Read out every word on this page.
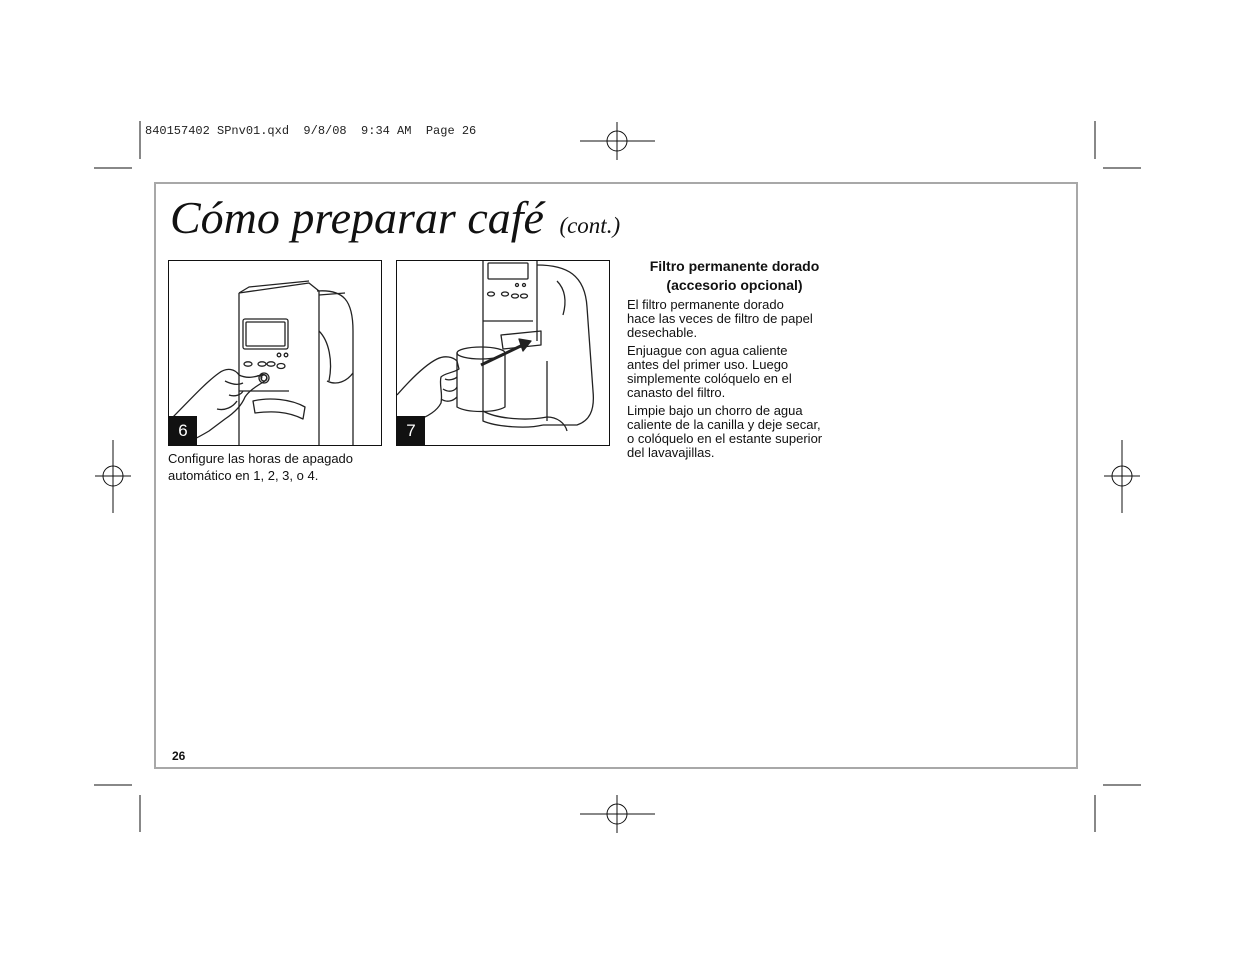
840157402 SPnv01.qxd  9/8/08  9:34 AM  Page 26
Cómo preparar café (cont.)
6	7
Configure las horas de apagado
automático en 1, 2, 3, o 4.
Filtro permanente dorado
(accesorio opcional)

El filtro permanente dorado
hace las veces de filtro de papel
desechable.

Enjuague con agua caliente
antes del primer uso. Luego
simplemente colóquelo en el
canasto del filtro.

Limpie bajo un chorro de agua
caliente de la canilla y deje secar,
o colóquelo en el estante superior
del lavavajillas.

26
